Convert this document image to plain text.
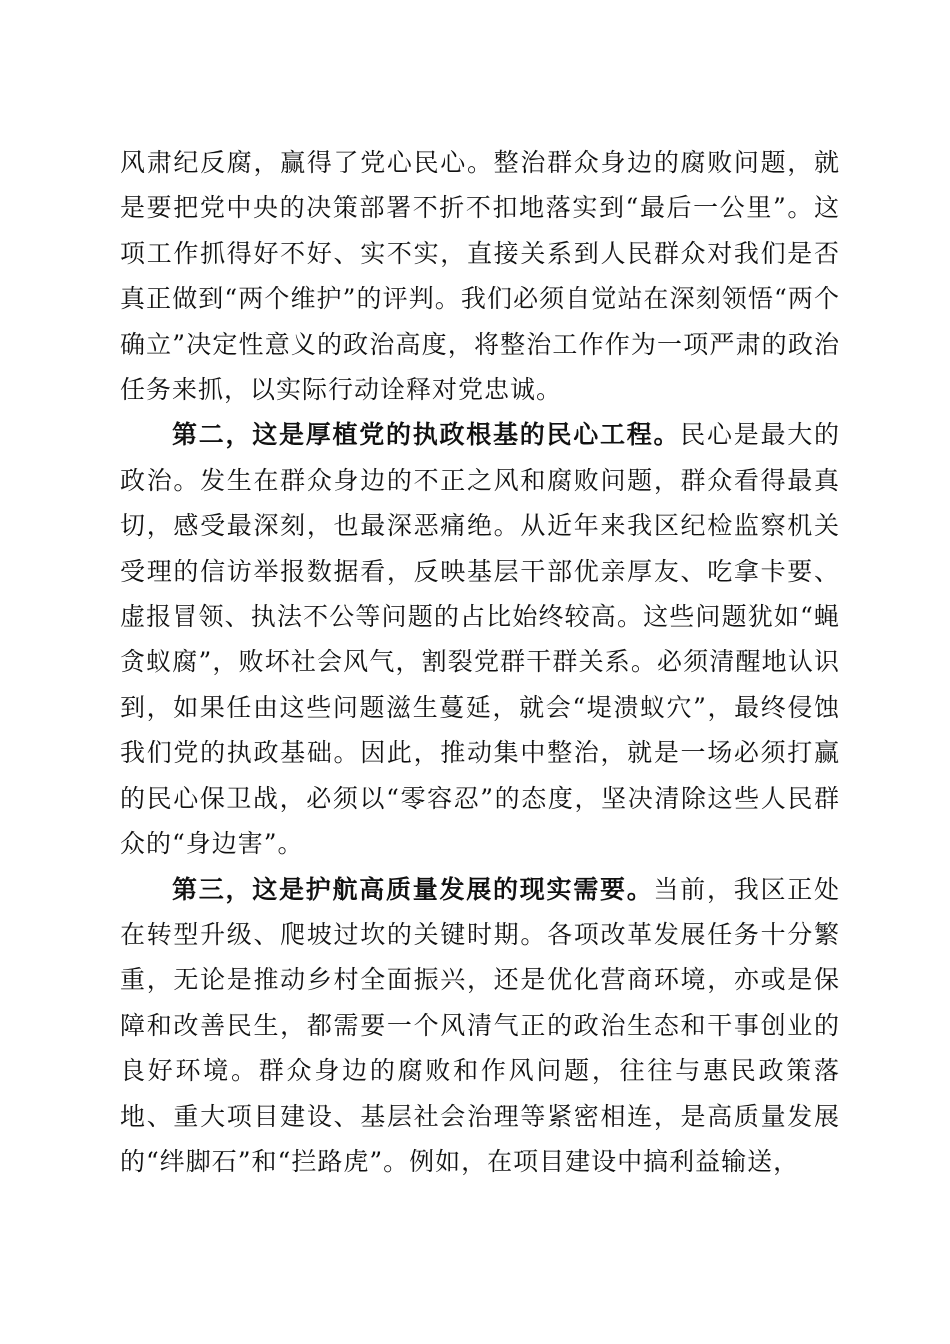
风肃纪反腐，赢得了党心民心。整治群众身边的腐败问题，就是要把党中央的决策部署不折不扣地落实到“最后一公里”。这项工作抓得好不好、实不实，直接关系到人民群众对我们是否真正做到“两个维护”的评判。我们必须自觉站在深刻领悟“两个确立”决定性意义的政治高度，将整治工作作为一项严肃的政治任务来抓，以实际行动诠释对党忠诚。

第二，这是厚植党的执政根基的民心工程。民心是最大的政治。发生在群众身边的不正之风和腐败问题，群众看得最真切，感受最深刻，也最深恶痛绝。从近年来我区纪检监察机关受理的信访举报数据看，反映基层干部优亲厚友、吃拿卡要、虚报冒领、执法不公等问题的占比始终较高。这些问题犹如“蝇贪蚁腐”，败坏社会风气，割裂党群干群关系。必须清醒地认识到，如果任由这些问题滋生蔓延，就会“堤溃蚁穴”，最终侵蚀我们党的执政基础。因此，推动集中整治，就是一场必须打赢的民心保卫战，必须以“零容忍”的态度，坚决清除这些人民群众的“身边害”。

第三，这是护航高质量发展的现实需要。当前，我区正处在转型升级、爬坡过坎的关键时期。各项改革发展任务十分繁重，无论是推动乡村全面振兴，还是优化营商环境，亦或是保障和改善民生，都需要一个风清气正的政治生态和干事创业的良好环境。群众身边的腐败和作风问题，往往与惠民政策落地、重大项目建设、基层社会治理等紧密相连，是高质量发展的“绊脚石”和“拦路虎”。例如，在项目建设中搞利益输送，
